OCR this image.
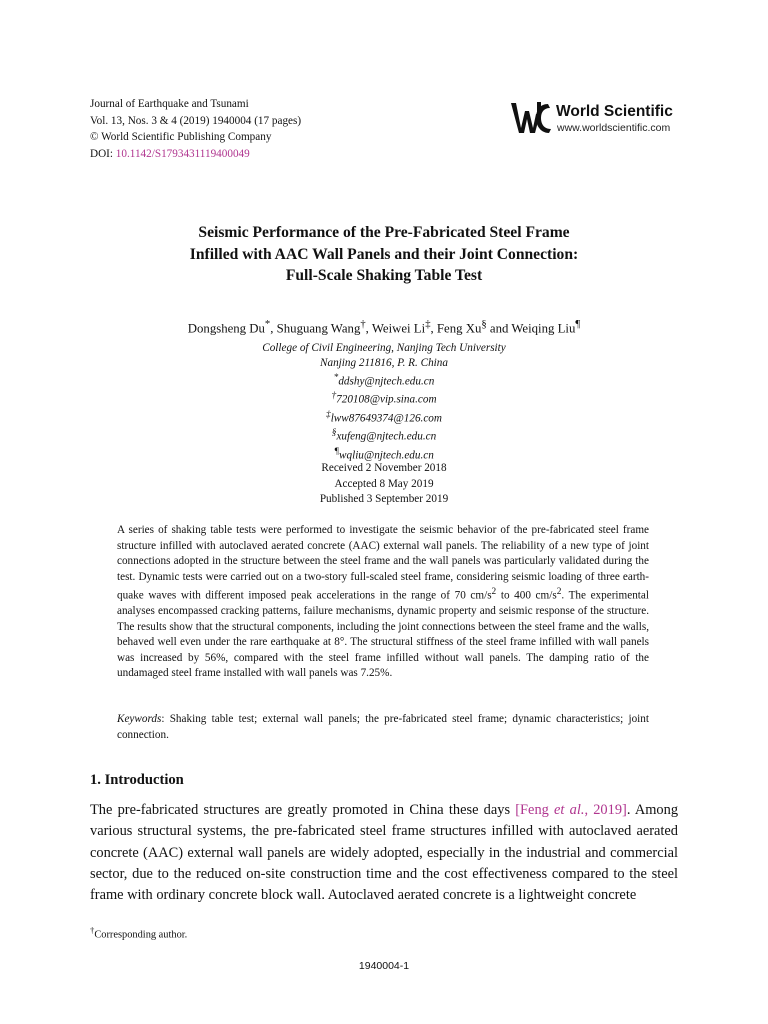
Journal of Earthquake and Tsunami
Vol. 13, Nos. 3 & 4 (2019) 1940004 (17 pages)
© World Scientific Publishing Company
DOI: 10.1142/S1793431119400049
World Scientific
www.worldscientific.com
Seismic Performance of the Pre-Fabricated Steel Frame
Infilled with AAC Wall Panels and their Joint Connection:
Full-Scale Shaking Table Test
Dongsheng Du*, Shuguang Wang†, Weiwei Li‡, Feng Xu§ and Weiqing Liu¶
College of Civil Engineering, Nanjing Tech University
Nanjing 211816, P. R. China
*ddshy@njtech.edu.cn
†720108@vip.sina.com
‡lww87649374@126.com
§xufeng@njtech.edu.cn
¶wqliu@njtech.edu.cn
Received 2 November 2018
Accepted 8 May 2019
Published 3 September 2019

A series of shaking table tests were performed to investigate the seismic behavior of the pre-fabricated steel frame structure infilled with autoclaved aerated concrete (AAC) external wall panels. The reliability of a new type of joint connections adopted in the structure between the steel frame and the wall panels was particularly validated during the test. Dynamic tests were carried out on a two-story full-scaled steel frame, considering seismic loading of three earth-quake waves with different imposed peak accelerations in the range of 70 $cm/s^2$ to 400 $cm/s^2$. The experimental analyses encompassed cracking patterns, failure mechanisms, dynamic property and seismic response of the structure. The results show that the structural components, including the joint connections between the steel frame and the walls, behaved well even under the rare earthquake at 8°. The structural stiffness of the steel frame infilled with wall panels was increased by 56%, compared with the steel frame infilled without wall panels. The damping ratio of the undamaged steel frame installed with wall panels was 7.25%.

Keywords: Shaking table test; external wall panels; the pre-fabricated steel frame; dynamic characteristics; joint connection.

1. Introduction

The pre-fabricated structures are greatly promoted in China these days [Feng et al., 2019]. Among various structural systems, the pre-fabricated steel frame structures infilled with autoclaved aerated concrete (AAC) external wall panels are widely adopted, especially in the industrial and commercial sector, due to the reduced on-site construction time and the cost effectiveness compared to the steel frame with ordinary concrete block wall. Autoclaved aerated concrete is a lightweight concrete

†Corresponding author.
1940004-1
